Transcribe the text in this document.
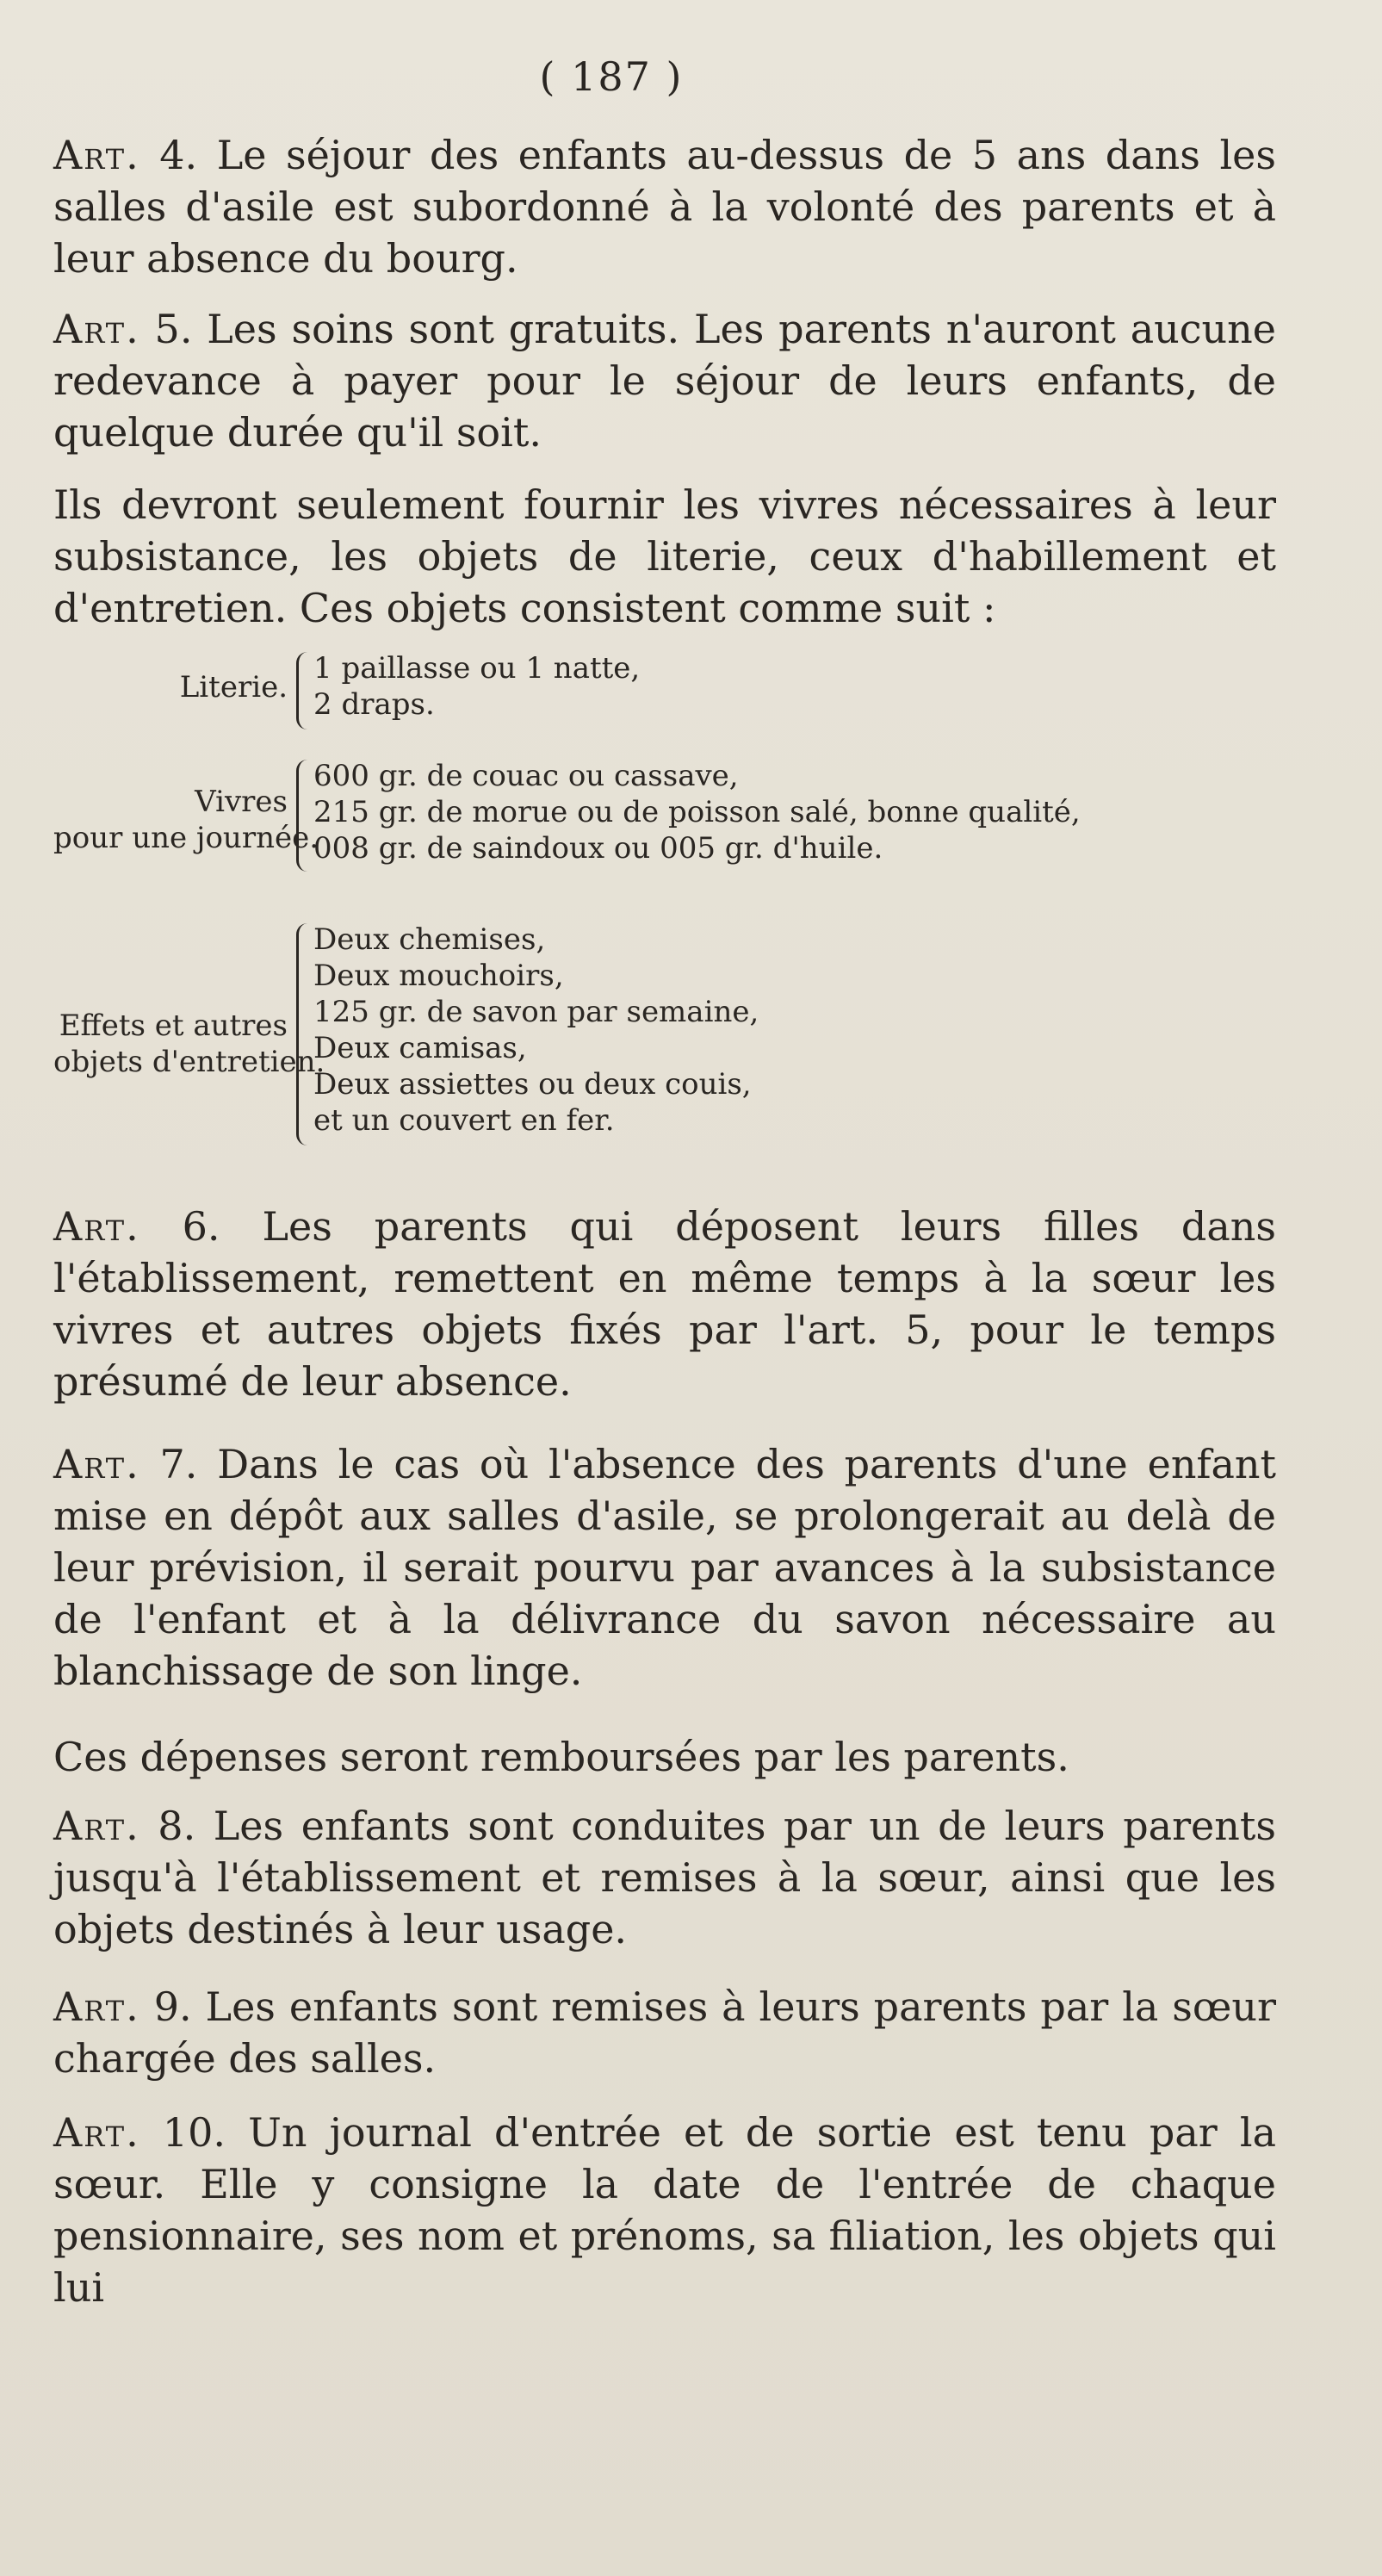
( 187 )

Art. 4. Le séjour des enfants au-dessus de 5 ans dans les salles d'asile est subordonné à la volonté des parents et à leur absence du bourg.

Art. 5. Les soins sont gratuits. Les parents n'auront aucune redevance à payer pour le séjour de leurs enfants, de quelque durée qu'il soit.

Ils devront seulement fournir les vivres nécessaires à leur subsistance, les objets de literie, ceux d'habillement et d'entretien. Ces objets consistent comme suit :

Literie.
1 paillasse ou 1 natte,
2 draps.
Vivres
pour une journée.
600 gr. de couac ou cassave,
215 gr. de morue ou de poisson salé, bonne qualité,
008 gr. de saindoux ou 005 gr. d'huile.
Effets et autres
objets d'entretien.
Deux chemises,
Deux mouchoirs,
125 gr. de savon par semaine,
Deux camisas,
Deux assiettes ou deux couis,
et un couvert en fer.

Art. 6. Les parents qui déposent leurs filles dans l'établissement, remettent en même temps à la sœur les vivres et autres objets fixés par l'art. 5, pour le temps présumé de leur absence.

Art. 7. Dans le cas où l'absence des parents d'une enfant mise en dépôt aux salles d'asile, se prolongerait au delà de leur prévision, il serait pourvu par avances à la subsistance de l'enfant et à la délivrance du savon nécessaire au blanchissage de son linge.

Ces dépenses seront remboursées par les parents.

Art. 8. Les enfants sont conduites par un de leurs parents jusqu'à l'établissement et remises à la sœur, ainsi que les objets destinés à leur usage.

Art. 9. Les enfants sont remises à leurs parents par la sœur chargée des salles.

Art. 10. Un journal d'entrée et de sortie est tenu par la sœur. Elle y consigne la date de l'entrée de chaque pensionnaire, ses nom et prénoms, sa filiation, les objets qui lui
